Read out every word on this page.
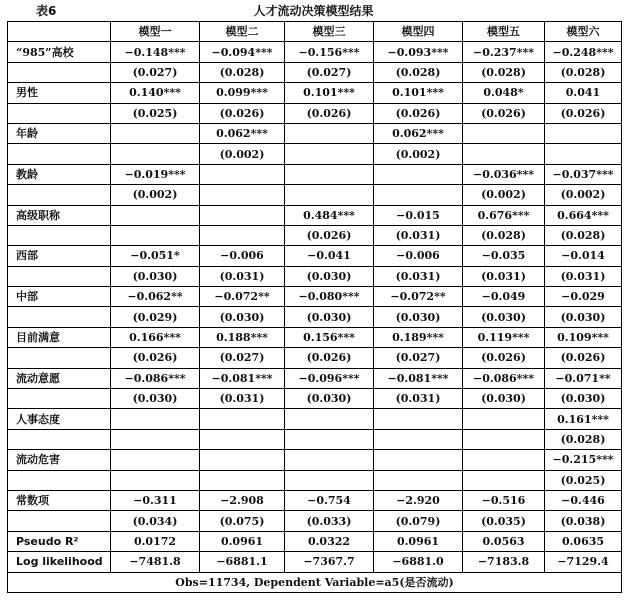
表6	人才流动决策模型结果
	模型一	模型二	模型三	模型四	模型五	模型六
“985”高校	−0.148***	−0.094***	−0.156***	−0.093***	−0.237***	−0.248***
	(0.027)	(0.028)	(0.027)	(0.028)	(0.028)	(0.028)
男性	0.140***	0.099***	0.101***	0.101***	0.048*	0.041
	(0.025)	(0.026)	(0.026)	(0.026)	(0.026)	(0.026)
年龄		0.062***		0.062***		
		(0.002)		(0.002)		
教龄	−0.019***				−0.036***	−0.037***
	(0.002)				(0.002)	(0.002)
高级职称			0.484***	−0.015	0.676***	0.664***
			(0.026)	(0.031)	(0.028)	(0.028)
西部	−0.051*	−0.006	−0.041	−0.006	−0.035	−0.014
	(0.030)	(0.031)	(0.030)	(0.031)	(0.031)	(0.031)
中部	−0.062**	−0.072**	−0.080***	−0.072**	−0.049	−0.029
	(0.029)	(0.030)	(0.030)	(0.030)	(0.030)	(0.030)
目前满意	0.166***	0.188***	0.156***	0.189***	0.119***	0.109***
	(0.026)	(0.027)	(0.026)	(0.027)	(0.026)	(0.026)
流动意愿	−0.086***	−0.081***	−0.096***	−0.081***	−0.086***	−0.071**
	(0.030)	(0.031)	(0.030)	(0.031)	(0.030)	(0.030)
人事态度						0.161***
						(0.028)
流动危害						−0.215***
						(0.025)
常数项	−0.311	−2.908	−0.754	−2.920	−0.516	−0.446
	(0.034)	(0.075)	(0.033)	(0.079)	(0.035)	(0.038)
Pseudo R²	0.0172	0.0961	0.0322	0.0961	0.0563	0.0635
Log likelihood	−7481.8	−6881.1	−7367.7	−6881.0	−7183.8	−7129.4
Obs=11734, Dependent Variable=a5(是否流动)						
